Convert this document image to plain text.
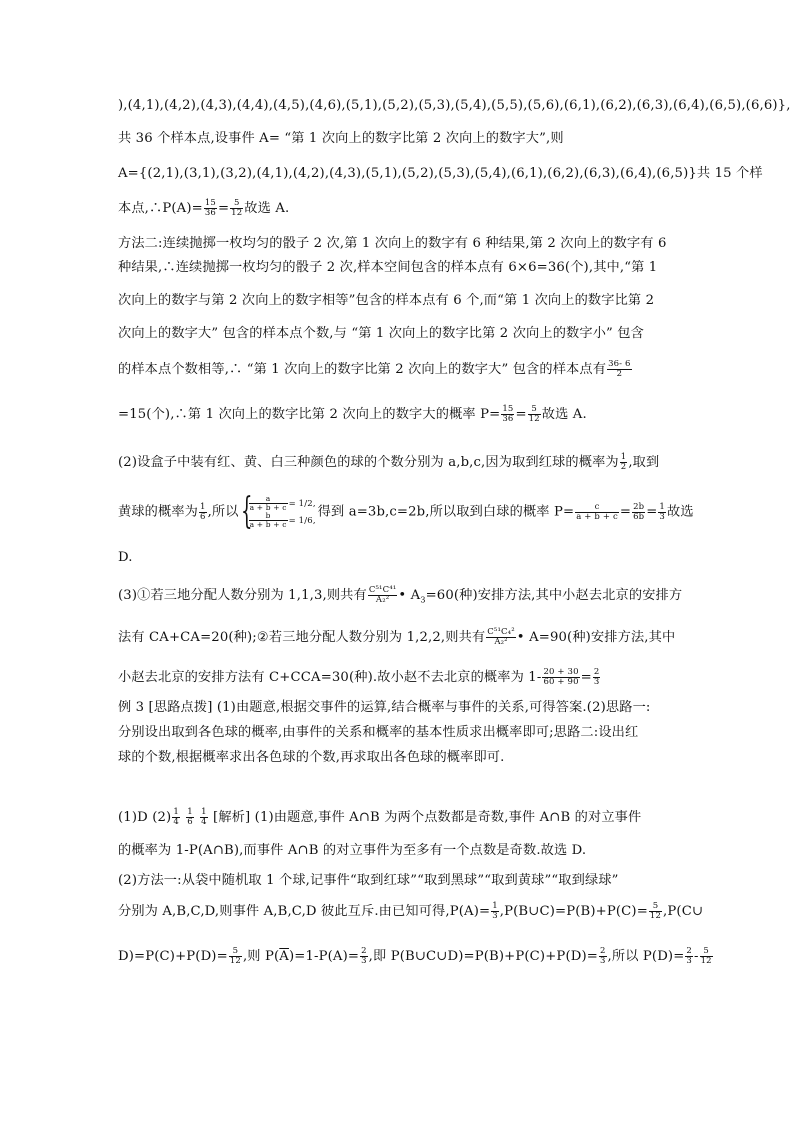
),(4,1),(4,2),(4,3),(4,4),(4,5),(4,6),(5,1),(5,2),(5,3),(5,4),(5,5),(5,6),(6,1),(6,2),(6,3),(6,4),(6,5),(6,6)},
共 36 个样本点,设事件 A= “第 1 次向上的数字比第 2 次向上的数字大”,则
A={(2,1),(3,1),(3,2),(4,1),(4,2),(4,3),(5,1),(5,2),(5,3),(5,4),(6,1),(6,2),(6,3),(6,4),(6,5)}共 15 个样
本点,∴P(A)= $\frac{15}{36} = \frac{5}{12}$ 故选 A.
方法二:连续抛掷一枚均匀的骰子 2 次,第 1 次向上的数字有 6 种结果,第 2 次向上的数字有 6
种结果,∴连续抛掷一枚均匀的骰子 2 次,样本空间包含的样本点有 6×6=36(个),其中,“第 1
次向上的数字与第 2 次向上的数字相等”包含的样本点有 6 个,而“第 1 次向上的数字比第 2
次向上的数字大” 包含的样本点个数,与 “第 1 次向上的数字比第 2 次向上的数字小” 包含
的样本点个数相等,∴ “第 1 次向上的数字比第 2 次向上的数字大” 包含的样本点有 $\frac{36- 6}{2}$
=15(个),∴第 1 次向上的数字比第 2 次向上的数字大的概率 $P= \frac{15}{36} = \frac{5}{12}$ 故选 A.
(2)设盒子中装有红、黄、白三种颜色的球的个数分别为 a,b,c,因为取到红球的概率为 $\frac{1}{2}$ ,取到
黄球的概率为 $\frac{1}{6}$ ,所以 {
$\frac{a}{a + b + c} = 1/2$,
$\frac{b}{a + b + c} = 1/6$,
得到 a=3b,c=2b,所以取到白球的概率 $P= \frac{c}{a + b + c} = \frac{2b}{6b} = \frac{1}{3}$ 故选
D.
(3)①若三地分配人数分别为 1,1,3,则共有 $\frac{\text{C⁵¹C⁴¹}}{\text{A₂²}}$ • $A_3=60$(种)安排方法,其中小赵去北京的安排方
法有 CA+CA=20(种);②若三地分配人数分别为 1,2,2,则共有 $\frac{\text{C⁵¹C₄²}}{\text{A₂²}}$ • A=90(种)安排方法,其中
小赵去北京的安排方法有 C+CCA=30(种).故小赵不去北京的概率为 $1- \frac{20 + 30}{60 + 90} = \frac{2}{3}$
例 3 [思路点拨] (1)由题意,根据交事件的运算,结合概率与事件的关系,可得答案.(2)思路一:
分别设出取到各色球的概率,由事件的关系和概率的基本性质求出概率即可;思路二:设出红
球的个数,根据概率求出各色球的个数,再求取出各色球的概率即可.
(1)D $(2) \frac{1}{4}$
$\frac{1}{6}$
$\frac{1}{4}$ [解析] (1)由题意,事件 A∩B 为两个点数都是奇数,事件 A∩B 的对立事件
的概率为 1-P(A∩B),而事件 A∩B 的对立事件为至多有一个点数是奇数.故选 D.
(2)方法一:从袋中随机取 1 个球,记事件“取到红球”“取到黑球”“取到黄球”“取到绿球”
分别为 A,B,C,D,则事件 A,B,C,D 彼此互斥.由已知可得$,P(A)= \frac{1}{3}$ ,P(B∪C)=P(B)+P(C)= $\frac{5}{12}$ ,P(C∪
$D)=P(C)+P(D)= \frac{5}{12}$ ,则 $P(\overline{A})=1-P(A)= \frac{2}{3}$ ,即 P(B∪C∪D)=P(B)+P(C)+P(D)= $\frac{2}{3}$ ,所以 $P(D)= \frac{2}{3} - \frac{5}{12}$
